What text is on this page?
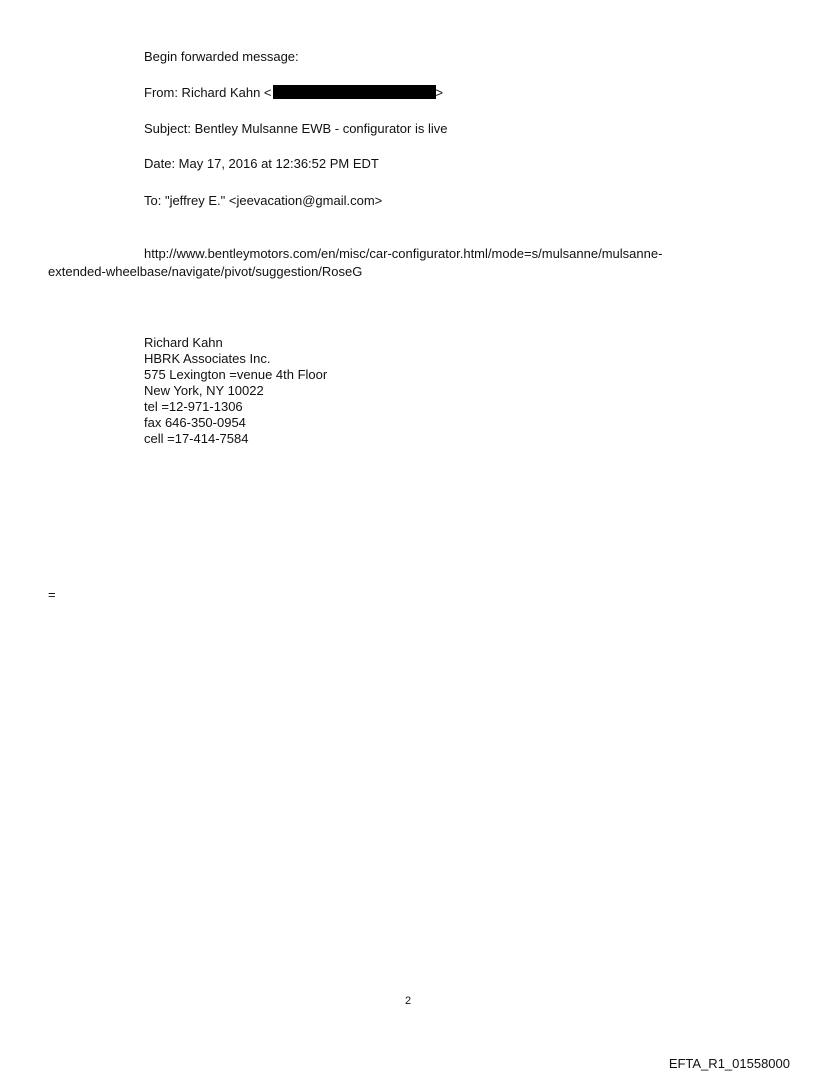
Begin forwarded message:
From: Richard Kahn <	>
Subject: Bentley Mulsanne EWB - configurator is live
Date: May 17, 2016 at 12:36:52 PM EDT
To: "jeffrey E." <jeevacation@gmail.com>
http://www.bentleymotors.com/en/misc/car-configurator.html/mode=s/mulsanne/mulsanne-
extended-wheelbase/navigate/pivot/suggestion/RoseG
Richard Kahn
HBRK Associates Inc.
575 Lexington =venue 4th Floor
New York, NY 10022
tel =12-971-1306
fax 646-350-0954
cell =17-414-7584
=
2
EFTA_R1_01558000
